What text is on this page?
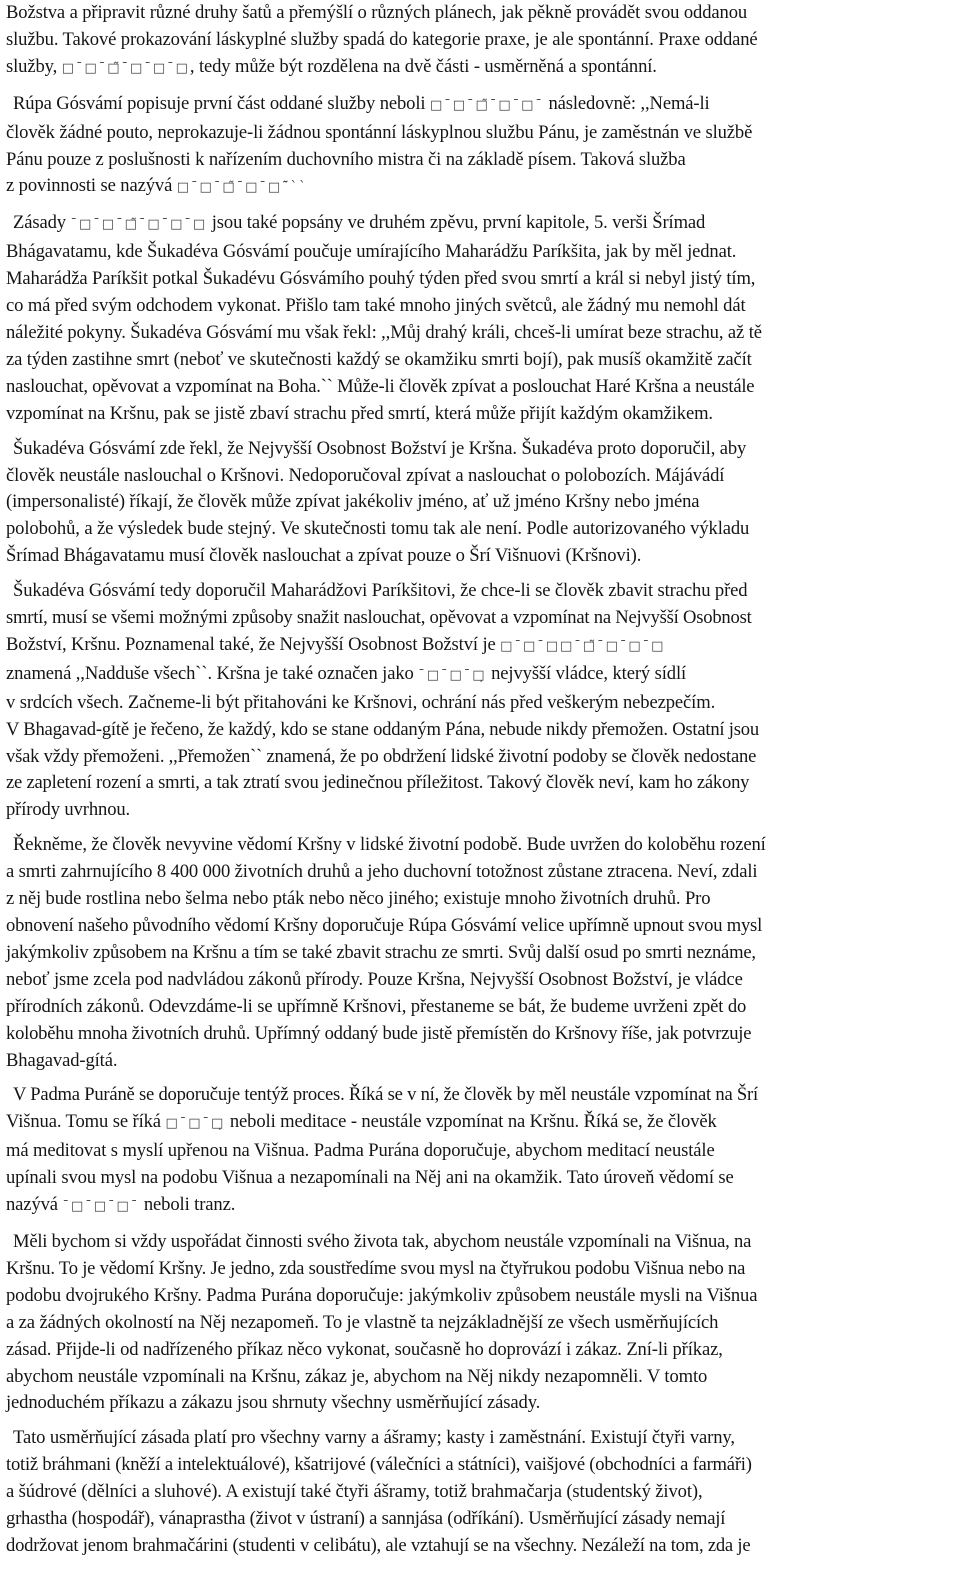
Božstva a připravit různé druhy šatů a přemýšlí o různých plánech, jak pěkně provádět svou oddanou
službu. Takové prokazování láskyplné služby spadá do kategorie praxe, je ale spontánní. Praxe oddané
služby, □¯□¯□̃¯□¯□¯□, tedy může být rozdělena na dvě části - usměrněná a spontánní.
Rúpa Gósvámí popisuje první část oddané služby neboli □¯□¯□̃¯□¯□¯ následovně: ,,Nemá-li
člověk žádné pouto, neprokazuje-li žádnou spontánní láskyplnou službu Pánu, je zaměstnán ve službě
Pánu pouze z poslušnosti k nařízením duchovního mistra či na základě písem. Taková služba
z povinnosti se nazývá □¯□¯□̃¯□¯□¯̃``
Zásady ¯□¯□¯□̃¯□¯□¯□ jsou také popsány ve druhém zpěvu, první kapitole, 5. verši Šrímad
Bhágavatamu, kde Šukadéva Gósvámí poučuje umírajícího Maharádžu Paríkšita, jak by měl jednat.
Maharádža Paríkšit potkal Šukadévu Gósvámího pouhý týden před svou smrtí a král si nebyl jistý tím,
co má před svým odchodem vykonat. Přišlo tam také mnoho jiných světců, ale žádný mu nemohl dát
náležité pokyny. Šukadéva Gósvámí mu však řekl: ,,Můj drahý králi, chceš-li umírat beze strachu, až tě
za týden zastihne smrt (neboť ve skutečnosti každý se okamžiku smrti bojí), pak musíš okamžitě začít
naslouchat, opěvovat a vzpomínat na Boha.`` Může-li člověk zpívat a poslouchat Haré Kršna a neustále
vzpomínat na Kršnu, pak se jistě zbaví strachu před smrtí, která může přijít každým okamžikem.
Šukadéva Gósvámí zde řekl, že Nejvyšší Osobnost Božství je Kršna. Šukadéva proto doporučil, aby
člověk neustále naslouchal o Kršnovi. Nedoporučoval zpívat a naslouchat o polobozích. Májávádí
(impersonalisté) říkají, že člověk může zpívat jakékoliv jméno, ať už jméno Kršny nebo jména
polobohů, a že výsledek bude stejný. Ve skutečnosti tomu tak ale není. Podle autorizovaného výkladu
Šrímad Bhágavatamu musí člověk naslouchat a zpívat pouze o Šrí Višnuovi (Kršnovi).
Šukadéva Gósvámí tedy doporučil Maharádžovi Paríkšitovi, že chce-li se člověk zbavit strachu před
smrtí, musí se všemi možnými způsoby snažit naslouchat, opěvovat a vzpomínat na Nejvyšší Osobnost
Božství, Kršnu. Poznamenal také, že Nejvyšší Osobnost Božství je □¯□¯□□¯□̃¯□¯□¯□
znamená ,,Nadduše všech``. Kršna je také označen jako ¯□¯□¯□̦ nejvyšší vládce, který sídlí
v srdcích všech. Začneme-li být přitahováni ke Kršnovi, ochrání nás před veškerým nebezpečím.
V Bhagavad-gítě je řečeno, že každý, kdo se stane oddaným Pána, nebude nikdy přemožen. Ostatní jsou
však vždy přemoženi. ,,Přemožen`` znamená, že po obdržení lidské životní podoby se člověk nedostane
ze zapletení rození a smrti, a tak ztratí svou jedinečnou příležitost. Takový člověk neví, kam ho zákony
přírody uvrhnou.
Řekněme, že člověk nevyvine vědomí Kršny v lidské životní podobě. Bude uvržen do koloběhu rození
a smrti zahrnujícího 8 400 000 životních druhů a jeho duchovní totožnost zůstane ztracena. Neví, zdali
z něj bude rostlina nebo šelma nebo pták nebo něco jiného; existuje mnoho životních druhů. Pro
obnovení našeho původního vědomí Kršny doporučuje Rúpa Gósvámí velice upřímně upnout svou mysl
jakýmkoliv způsobem na Kršnu a tím se také zbavit strachu ze smrti. Svůj další osud po smrti neznáme,
neboť jsme zcela pod nadvládou zákonů přírody. Pouze Kršna, Nejvyšší Osobnost Božství, je vládce
přírodních zákonů. Odevzdáme-li se upřímně Kršnovi, přestaneme se bát, že budeme uvrženi zpět do
koloběhu mnoha životních druhů. Upřímný oddaný bude jistě přemístěn do Kršnovy říše, jak potvrzuje
Bhagavad-gítá.
V Padma Puráně se doporučuje tentýž proces. Říká se v ní, že člověk by měl neustále vzpomínat na Šrí
Višnua. Tomu se říká □¯□¯□̦ neboli meditace - neustále vzpomínat na Kršnu. Říká se, že člověk
má meditovat s myslí upřenou na Višnua. Padma Purána doporučuje, abychom meditací neustále
upínali svou mysl na podobu Višnua a nezapomínali na Něj ani na okamžik. Tato úroveň vědomí se
nazývá ¯□¯□¯□¯ neboli tranz.
Měli bychom si vždy uspořádat činnosti svého života tak, abychom neustále vzpomínali na Višnua, na
Kršnu. To je vědomí Kršny. Je jedno, zda soustředíme svou mysl na čtyřrukou podobu Višnua nebo na
podobu dvojrukého Kršny. Padma Purána doporučuje: jakýmkoliv způsobem neustále mysli na Višnua
a za žádných okolností na Něj nezapomeň. To je vlastně ta nejzákladnější ze všech usměrňujících
zásad. Přijde-li od nadřízeného příkaz něco vykonat, současně ho doprovází i zákaz. Zní-li příkaz,
abychom neustále vzpomínali na Kršnu, zákaz je, abychom na Něj nikdy nezapomněli. V tomto
jednoduchém příkazu a zákazu jsou shrnuty všechny usměrňující zásady.
Tato usměrňující zásada platí pro všechny varny a ášramy; kasty i zaměstnání. Existují čtyři varny,
totiž bráhmani (kněží a intelektuálové), kšatrijové (válečníci a státníci), vaišjové (obchodníci a farmáři)
a šúdrové (dělníci a sluhové). A existují také čtyři ášramy, totiž brahmačarja (studentský život),
grhastha (hospodář), vánaprastha (život v ústraní) a sannjása (odříkání). Usměrňující zásady nemají
dodržovat jenom brahmačárini (studenti v celibátu), ale vztahují se na všechny. Nezáleží na tom, zda je
